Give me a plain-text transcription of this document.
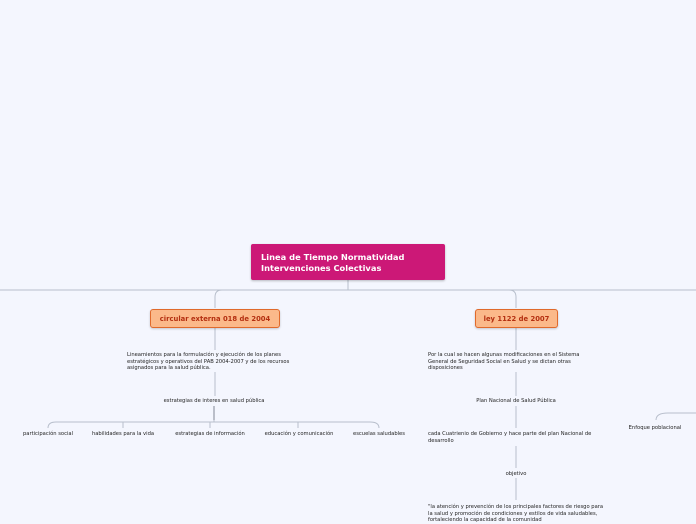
Linea de Tiempo Normatividad
Intervenciones Colectivas
circular externa 018 de 2004	ley 1122 de 2007
Lineamientos para la formulación y ejecución de los planes estratégicos y operativos del PAB 2004-2007 y de los recursos asignados para la salud pública.
estrategias de interes en salud pública
participación social	habilidades para la vida	estrategias de información	educación y comunicación	escuelas saludables
Por la cual se hacen algunas modificaciones en el Sistema General de Seguridad Social en Salud y se dictan otras disposiciones
Plan Nacional de Salud Pública
cada Cuatrienio de Gobierno y hace parte del plan Nacional de desarrollo
objetivo
"la atención y prevención de los principales factores de riesgo para la salud y promoción de condiciones y estilos de vida saludables, fortaleciendo la capacidad de la comunidad
Enfoque poblacional
